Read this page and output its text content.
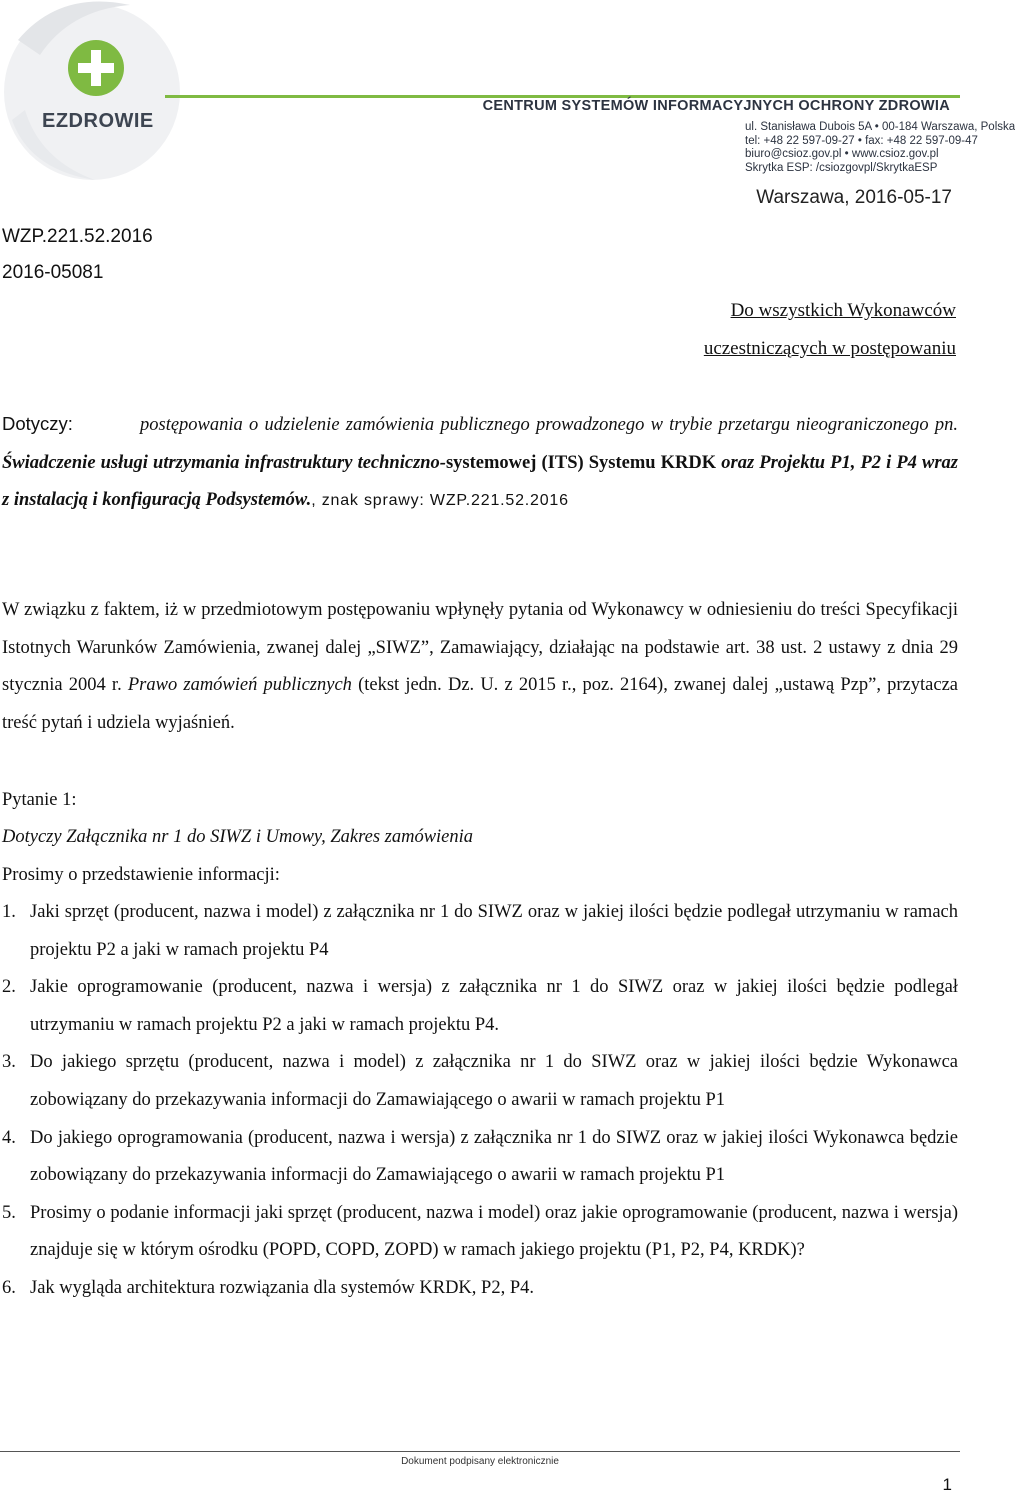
EZDROWIE
CENTRUM SYSTEMÓW INFORMACYJNYCH OCHRONY ZDROWIA
ul. Stanisława Dubois 5A • 00-184 Warszawa, Polska
tel: +48 22 597-09-27 • fax: +48 22 597-09-47
biuro@csioz.gov.pl • www.csioz.gov.pl
Skrytka ESP: /csiozgovpl/SkrytkaESP
Warszawa, 2016-05-17
WZP.221.52.2016
2016-05081
Do wszystkich Wykonawców
uczestniczących w postępowaniu
Dotyczy:	postępowania o udzielenie zamówienia publicznego prowadzonego w trybie przetargu nieograniczonego pn. Świadczenie usługi utrzymania infrastruktury techniczno-systemowej (ITS) Systemu KRDK oraz Projektu P1, P2 i P4 wraz z instalacją i konfiguracją Podsystemów., znak sprawy: WZP.221.52.2016
W związku z faktem, iż w przedmiotowym postępowaniu wpłynęły pytania od Wykonawcy w odniesieniu do treści Specyfikacji Istotnych Warunków Zamówienia, zwanej dalej „SIWZ”, Zamawiający, działając na podstawie art. 38 ust. 2 ustawy z dnia 29 stycznia 2004 r. Prawo zamówień publicznych (tekst jedn. Dz. U. z 2015 r., poz. 2164), zwanej dalej „ustawą Pzp”, przytacza treść pytań i udziela wyjaśnień.
Pytanie 1:
Dotyczy Załącznika nr 1 do SIWZ i Umowy, Zakres zamówienia
Prosimy o przedstawienie informacji:
1. Jaki sprzęt (producent, nazwa i model) z załącznika nr 1 do SIWZ oraz w jakiej ilości będzie podlegał utrzymaniu w ramach projektu P2 a jaki w ramach projektu P4
2. Jakie oprogramowanie (producent, nazwa i wersja) z załącznika nr 1 do SIWZ oraz w jakiej ilości będzie podlegał utrzymaniu w ramach projektu P2 a jaki w ramach projektu P4.
3. Do jakiego sprzętu (producent, nazwa i model) z załącznika nr 1 do SIWZ oraz w jakiej ilości będzie Wykonawca zobowiązany do przekazywania informacji do Zamawiającego o awarii w ramach projektu P1
4. Do jakiego oprogramowania (producent, nazwa i wersja) z załącznika nr 1 do SIWZ oraz w jakiej ilości Wykonawca będzie zobowiązany do przekazywania informacji do Zamawiającego o awarii w ramach projektu P1
5. Prosimy o podanie informacji jaki sprzęt (producent, nazwa i model) oraz jakie oprogramowanie (producent, nazwa i wersja) znajduje się w którym ośrodku (POPD, COPD, ZOPD) w ramach jakiego projektu (P1, P2, P4, KRDK)?
6. Jak wygląda architektura rozwiązania dla systemów KRDK, P2, P4.
Dokument podpisany elektronicznie
1
